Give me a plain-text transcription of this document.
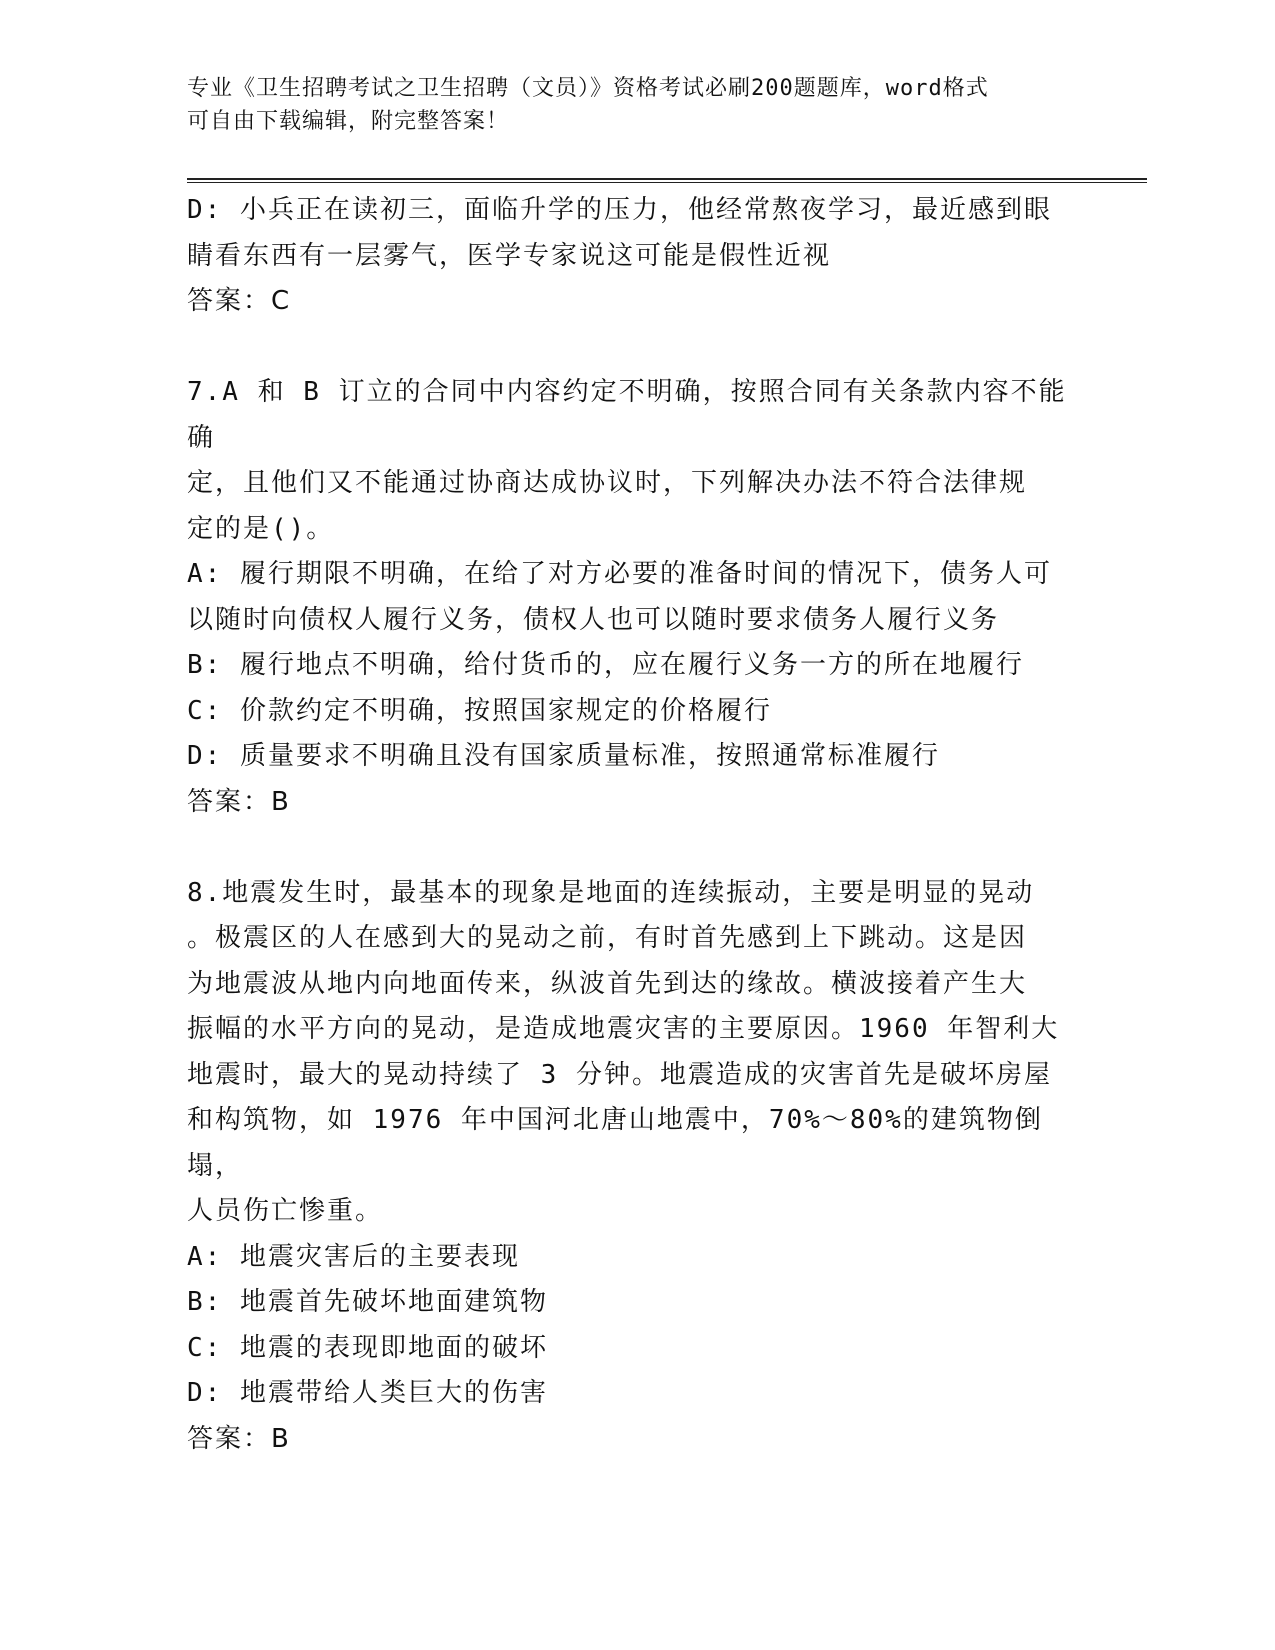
专业《卫生招聘考试之卫生招聘（文员）》资格考试必刷200题题库，word格式
可自由下载编辑，附完整答案！
D: 小兵正在读初三，面临升学的压力，他经常熬夜学习，最近感到眼
睛看东西有一层雾气，医学专家说这可能是假性近视
答案：C
7.A 和 B 订立的合同中内容约定不明确，按照合同有关条款内容不能确
定，且他们又不能通过协商达成协议时，下列解决办法不符合法律规
定的是()。
A: 履行期限不明确，在给了对方必要的准备时间的情况下，债务人可
以随时向债权人履行义务，债权人也可以随时要求债务人履行义务
B: 履行地点不明确，给付货币的，应在履行义务一方的所在地履行
C: 价款约定不明确，按照国家规定的价格履行
D: 质量要求不明确且没有国家质量标准，按照通常标准履行
答案：B
8.地震发生时，最基本的现象是地面的连续振动，主要是明显的晃动
。极震区的人在感到大的晃动之前，有时首先感到上下跳动。这是因
为地震波从地内向地面传来，纵波首先到达的缘故。横波接着产生大
振幅的水平方向的晃动，是造成地震灾害的主要原因。1960 年智利大
地震时，最大的晃动持续了 3 分钟。地震造成的灾害首先是破坏房屋
和构筑物，如 1976 年中国河北唐山地震中，70%～80%的建筑物倒塌，
人员伤亡惨重。
A: 地震灾害后的主要表现
B: 地震首先破坏地面建筑物
C: 地震的表现即地面的破坏
D: 地震带给人类巨大的伤害
答案：B
